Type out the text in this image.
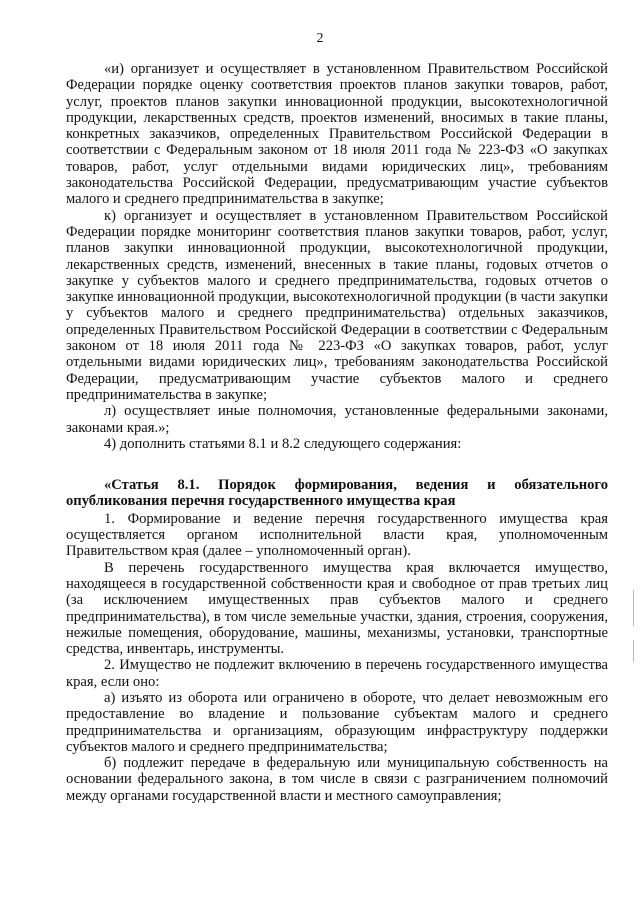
2

«и) организует и осуществляет в установленном Правительством Российской Федерации порядке оценку соответствия проектов планов закупки товаров, работ, услуг, проектов планов закупки инновационной продукции, высокотехнологичной продукции, лекарственных средств, проектов изменений, вносимых в такие планы, конкретных заказчиков, определенных Правительством Российской Федерации в соответствии с Федеральным законом от 18 июля 2011 года № 223-ФЗ «О закупках товаров, работ, услуг отдельными видами юридических лиц», требованиям законодательства Российской Федерации, предусматривающим участие субъектов малого и среднего предпринимательства в закупке;

к) организует и осуществляет в установленном Правительством Российской Федерации порядке мониторинг соответствия планов закупки товаров, работ, услуг, планов закупки инновационной продукции, высокотехнологичной продукции, лекарственных средств, изменений, внесенных в такие планы, годовых отчетов о закупке у субъектов малого и среднего предпринимательства, годовых отчетов о закупке инновационной продукции, высокотехнологичной продукции (в части закупки у субъектов малого и среднего предпринимательства) отдельных заказчиков, определенных Правительством Российской Федерации в соответствии с Федеральным законом от 18 июля 2011 года № 223-ФЗ «О закупках товаров, работ, услуг отдельными видами юридических лиц», требованиям законодательства Российской Федерации, предусматривающим участие субъектов малого и среднего предпринимательства в закупке;

л) осуществляет иные полномочия, установленные федеральными законами, законами края.»;

4) дополнить статьями 8.1 и 8.2 следующего содержания:

«Статья 8.1. Порядок формирования, ведения и обязательного опубликования перечня государственного имущества края

1. Формирование и ведение перечня государственного имущества края осуществляется органом исполнительной власти края, уполномоченным Правительством края (далее – уполномоченный орган).

В перечень государственного имущества края включается имущество, находящееся в государственной собственности края и свободное от прав третьих лиц (за исключением имущественных прав субъектов малого и среднего предпринимательства), в том числе земельные участки, здания, строения, сооружения, нежилые помещения, оборудование, машины, механизмы, установки, транспортные средства, инвентарь, инструменты.

2. Имущество не подлежит включению в перечень государственного имущества края, если оно:

а) изъято из оборота или ограничено в обороте, что делает невозможным его предоставление во владение и пользование субъектам малого и среднего предпринимательства и организациям, образующим инфраструктуру поддержки субъектов малого и среднего предпринимательства;

б) подлежит передаче в федеральную или муниципальную собственность на основании федерального закона, в том числе в связи с разграничением полномочий между органами государственной власти и местного самоуправления;
